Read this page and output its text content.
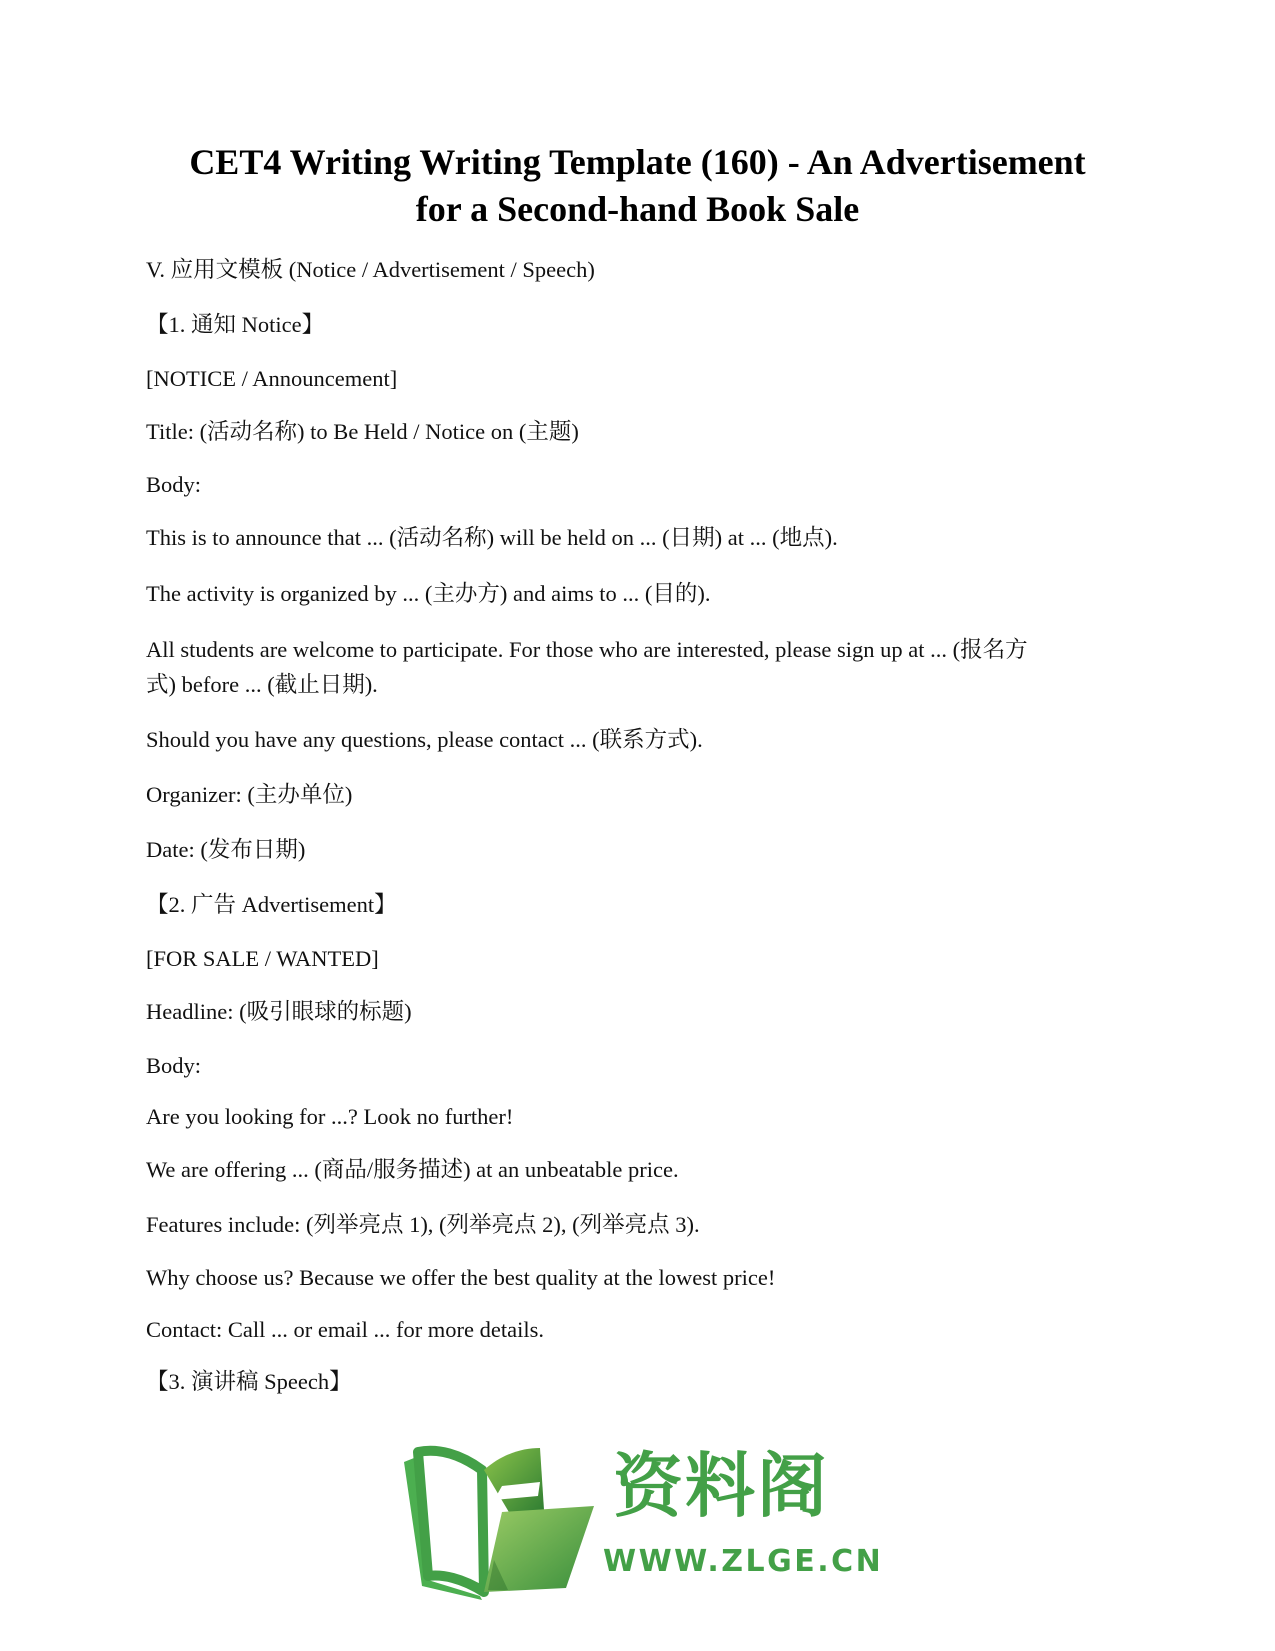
CET4 Writing Writing Template (160) - An Advertisement
for a Second-hand Book Sale

V. 应用文模板 (Notice / Advertisement / Speech)

【1. 通知 Notice】

[NOTICE / Announcement]

Title: (活动名称) to Be Held / Notice on (主题)

Body:

This is to announce that ... (活动名称) will be held on ... (日期) at ... (地点).

The activity is organized by ... (主办方) and aims to ... (目的).

All students are welcome to participate. For those who are interested, please sign up at ... (报名方

式) before ... (截止日期).

Should you have any questions, please contact ... (联系方式).

Organizer: (主办单位)

Date: (发布日期)

【2. 广告 Advertisement】

[FOR SALE / WANTED]

Headline: (吸引眼球的标题)

Body:

Are you looking for ...? Look no further!

We are offering ... (商品/服务描述) at an unbeatable price.

Features include: (列举亮点 1), (列举亮点 2), (列举亮点 3).

Why choose us? Because we offer the best quality at the lowest price!

Contact: Call ... or email ... for more details.

【3. 演讲稿 Speech】

资料阁
WWW.ZLGE.CN
